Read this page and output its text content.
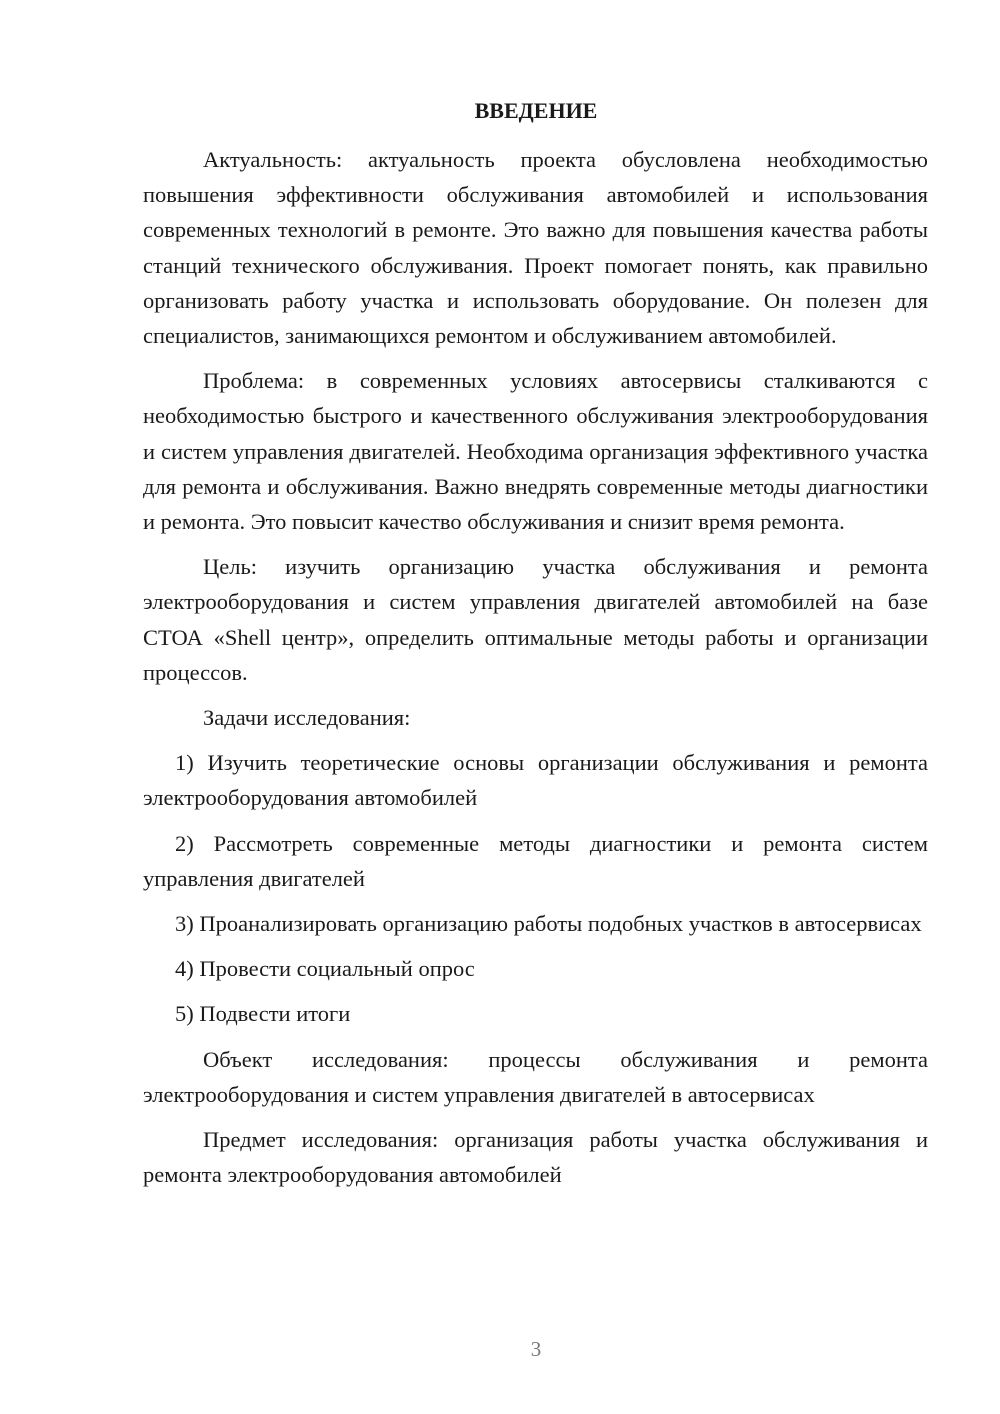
ВВЕДЕНИЕ

Актуальность: актуальность проекта обусловлена необходимостью повышения эффективности обслуживания автомобилей и использования современных технологий в ремонте. Это важно для повышения качества работы станций технического обслуживания. Проект помогает понять, как правильно организовать работу участка и использовать оборудование. Он полезен для специалистов, занимающихся ремонтом и обслуживанием автомобилей.

Проблема: в современных условиях автосервисы сталкиваются с необходимостью быстрого и качественного обслуживания электрооборудования и систем управления двигателей. Необходима организация эффективного участка для ремонта и обслуживания. Важно внедрять современные методы диагностики и ремонта. Это повысит качество обслуживания и снизит время ремонта.

Цель: изучить организацию участка обслуживания и ремонта электрооборудования и систем управления двигателей автомобилей на базе СТОА «Shell центр», определить оптимальные методы работы и организации процессов.

Задачи исследования:

1) Изучить теоретические основы организации обслуживания и ремонта электрооборудования автомобилей

2) Рассмотреть современные методы диагностики и ремонта систем управления двигателей

3) Проанализировать организацию работы подобных участков в автосервисах

4) Провести социальный опрос

5) Подвести итоги

Объект исследования: процессы обслуживания и ремонта электрооборудования и систем управления двигателей в автосервисах

Предмет исследования: организация работы участка обслуживания и ремонта электрооборудования автомобилей

3
